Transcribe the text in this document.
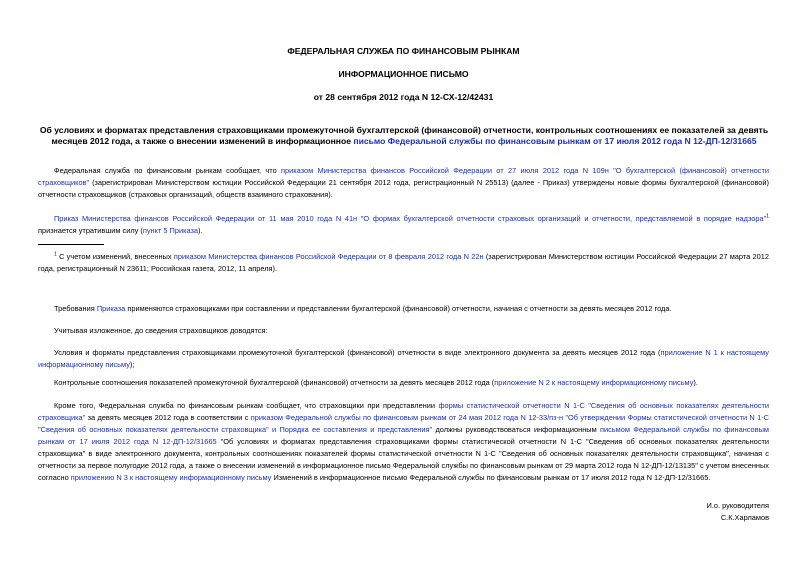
ФЕДЕРАЛЬНАЯ СЛУЖБА ПО ФИНАНСОВЫМ РЫНКАМ
ИНФОРМАЦИОННОЕ ПИСЬМО
от 28 сентября 2012 года N 12-СХ-12/42431
Об условиях и форматах представления страховщиками промежуточной бухгалтерской (финансовой) отчетности, контрольных соотношениях ее показателей за девять месяцев 2012 года, а также о внесении изменений в информационное письмо Федеральной службы по финансовым рынкам от 17 июля 2012 года N 12-ДП-12/31665
Федеральная служба по финансовым рынкам сообщает, что приказом Министерства финансов Российской Федерации от 27 июля 2012 года N 109н "О бухгалтерской (финансовой) отчетности страховщиков" (зарегистрирован Министерством юстиции Российской Федерации 21 сентября 2012 года, регистрационный N 25513) (далее - Приказ) утверждены новые формы бухгалтерской (финансовой) отчетности страховщиков (страховых организаций, обществ взаимного страхования).
Приказ Министерства финансов Российской Федерации от 11 мая 2010 года N 41н "О формах бухгалтерской отчетности страховых организаций и отчетности, представляемой в порядке надзора"$^1$ признается утратившим силу (пункт 5 Приказа).
$^1$ С учетом изменений, внесенных приказом Министерства финансов Российской Федерации от 8 февраля 2012 года N 22н (зарегистрирован Министерством юстиции Российской Федерации 27 марта 2012 года, регистрационный N 23611; Российская газета, 2012, 11 апреля).
Требования Приказа применяются страховщиками при составлении и представлении бухгалтерской (финансовой) отчетности, начиная с отчетности за девять месяцев 2012 года.
Учитывая изложенное, до сведения страховщиков доводятся:
Условия и форматы представления страховщиками промежуточной бухгалтерской (финансовой) отчетности в виде электронного документа за девять месяцев 2012 года (приложение N 1 к настоящему информационному письму);
Контрольные соотношения показателей промежуточной бухгалтерской (финансовой) отчетности за девять месяцев 2012 года (приложение N 2 к настоящему информационному письму).
Кроме того, Федеральная служба по финансовым рынкам сообщает, что страховщики при представлении формы статистической отчетности N 1-С "Сведения об основных показателях деятельности страховщика" за девять месяцев 2012 года в соответствии с приказом Федеральной службы по финансовым рынкам от 24 мая 2012 года N 12-33/пз-н "Об утверждении Формы статистической отчетности N 1-С "Сведения об основных показателях деятельности страховщика" и Порядка ее составления и представления" должны руководствоваться информационным письмом Федеральной службы по финансовым рынкам от 17 июля 2012 года N 12-ДП-12/31665 "Об условиях и форматах представления страховщиками формы статистической отчетности N 1-С "Сведения об основных показателях деятельности страховщика" в виде электронного документа, контрольных соотношениях показателей формы статистической отчетности N 1-С "Сведения об основных показателях деятельности страховщика", начиная с отчетности за первое полугодие 2012 года, а также о внесении изменений в информационное письмо Федеральной службы по финансовым рынкам от 29 марта 2012 года N 12-ДП-12/13135" с учетом внесенных согласно приложению N 3 к настоящему информационному письму Изменений в информационное письмо Федеральной службы по финансовым рынкам от 17 июля 2012 года N 12-ДП-12/31665.
И.о. руководителя
С.К.Харламов
